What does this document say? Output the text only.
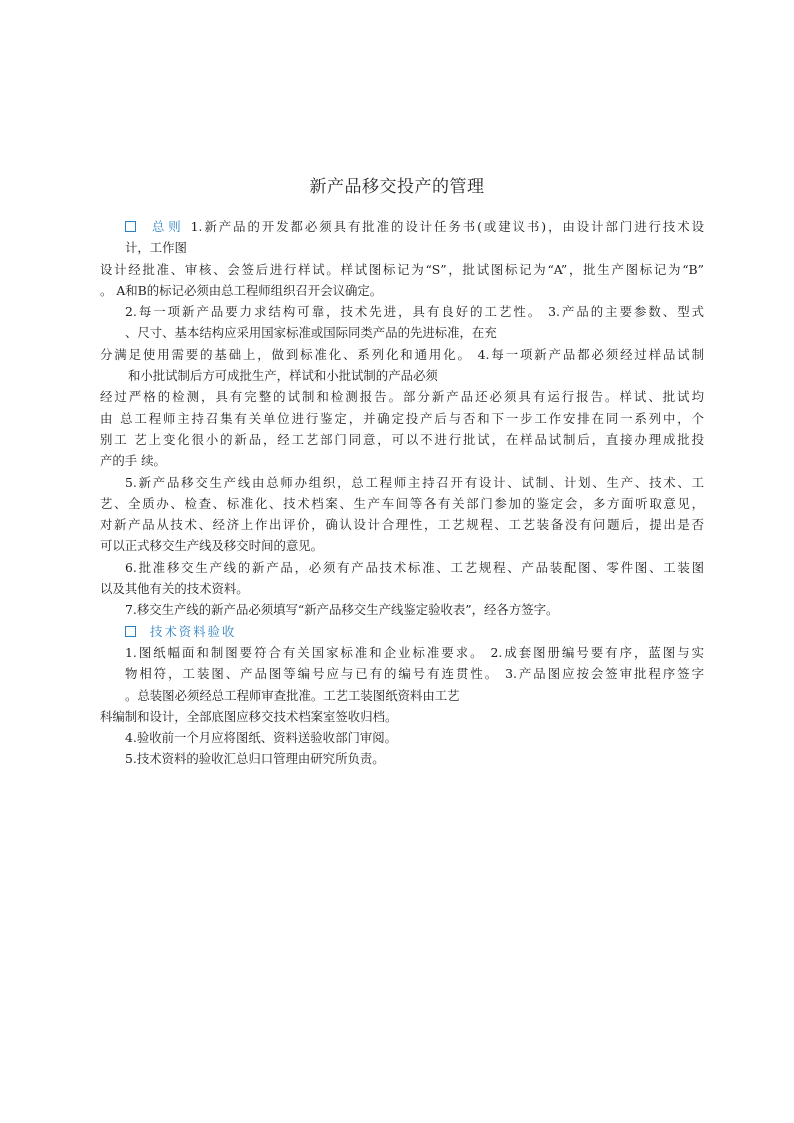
新产品移交投产的管理
总则 1.新产品的开发都必须具有批准的设计任务书(或建议书)，由设计部门进行技术设
计，工作图
设计经批准、审核、会签后进行样试。样试图标记为“S”，批试图标记为“A”，批生产图标记为“B”
。 A和B的标记必须由总工程师组织召开会议确定。
2.每一项新产品要力求结构可靠，技术先进，具有良好的工艺性。 3.产品的主要参数、型式
、尺寸、基本结构应采用国家标准或国际同类产品的先进标准，在充
分满足使用需要的基础上，做到标准化、系列化和通用化。 4.每一项新产品都必须经过样品试制
和小批试制后方可成批生产，样试和小批试制的产品必须
经过严格的检测，具有完整的试制和检测报告。部分新产品还必须具有运行报告。样试、批试均
由 总工程师主持召集有关单位进行鉴定，并确定投产后与否和下一步工作安排在同一系列中，个
别工 艺上变化很小的新品，经工艺部门同意，可以不进行批试，在样品试制后，直接办理成批投
产的手 续。
5.新产品移交生产线由总师办组织，总工程师主持召开有设计、试制、计划、生产、技术、工
艺、全质办、检查、标准化、技术档案、生产车间等各有关部门参加的鉴定会，多方面听取意见，
对新产品从技术、经济上作出评价，确认设计合理性，工艺规程、工艺装备没有问题后，提出是否
可以正式移交生产线及移交时间的意见。
6.批准移交生产线的新产品，必须有产品技术标准、工艺规程、产品装配图、零件图、工装图
以及其他有关的技术资料。
7.移交生产线的新产品必须填写“新产品移交生产线鉴定验收表”，经各方签字。
技术资料验收
1.图纸幅面和制图要符合有关国家标准和企业标准要求。 2.成套图册编号要有序，蓝图与实
物相符，工装图、产品图等编号应与已有的编号有连贯性。 3.产品图应按会签审批程序签字
。总装图必须经总工程师审查批准。工艺工装图纸资料由工艺
科编制和设计，全部底图应移交技术档案室签收归档。
4.验收前一个月应将图纸、资料送验收部门审阅。
5.技术资料的验收汇总归口管理由研究所负责。
